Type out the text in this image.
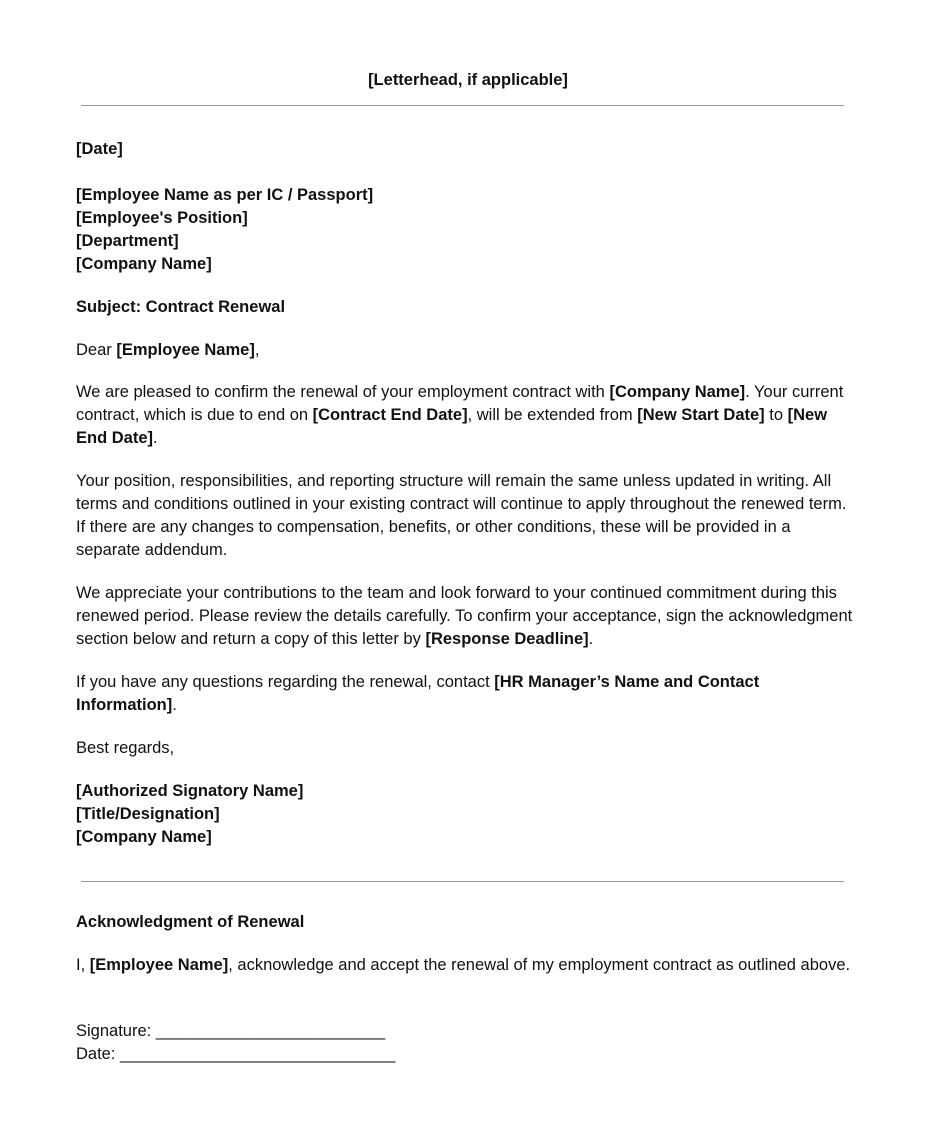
[Letterhead, if applicable]
[Date]
[Employee Name as per IC / Passport]
[Employee's Position]
[Department]
[Company Name]
Subject: Contract Renewal

Dear [Employee Name],

We are pleased to confirm the renewal of your employment contract with [Company Name]. Your current contract, which is due to end on [Contract End Date], will be extended from [New Start Date] to [New End Date].

Your position, responsibilities, and reporting structure will remain the same unless updated in writing. All terms and conditions outlined in your existing contract will continue to apply throughout the renewed term. If there are any changes to compensation, benefits, or other conditions, these will be provided in a separate addendum.

We appreciate your contributions to the team and look forward to your continued commitment during this renewed period. Please review the details carefully. To confirm your acceptance, sign the acknowledgment section below and return a copy of this letter by [Response Deadline].

If you have any questions regarding the renewal, contact [HR Manager’s Name and Contact Information].

Best regards,
[Authorized Signatory Name]
[Title/Designation]
[Company Name]
Acknowledgment of Renewal

I, [Employee Name], acknowledge and accept the renewal of my employment contract as outlined above.

Signature: _________________________
Date: ______________________________
